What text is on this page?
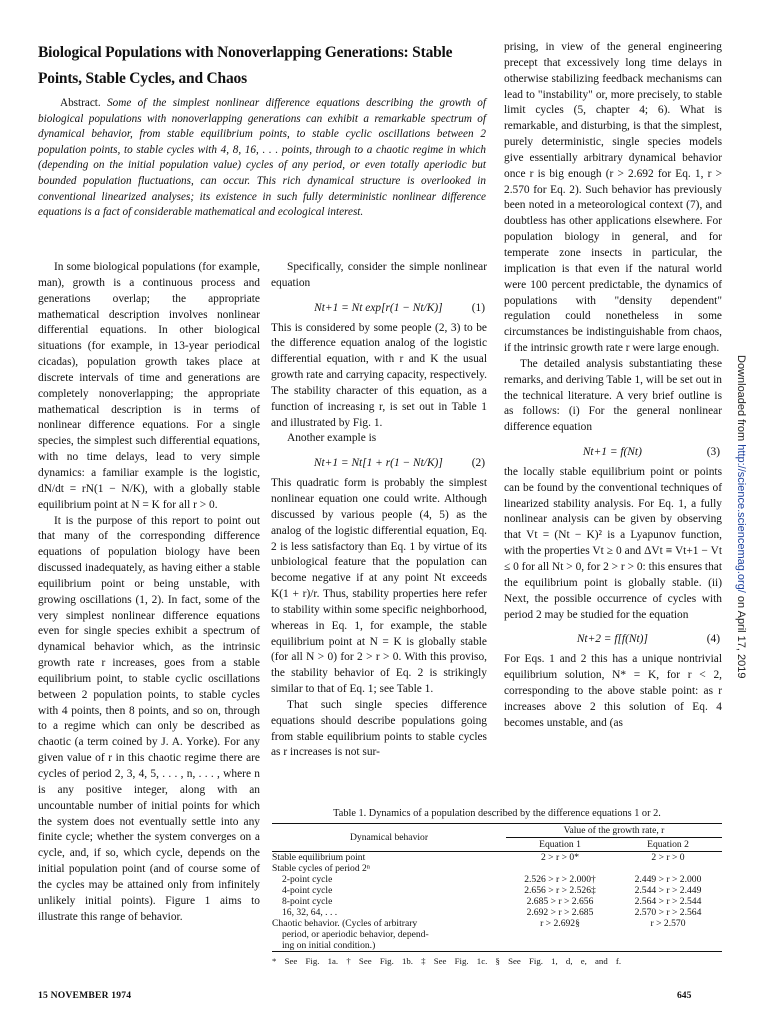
Biological Populations with Nonoverlapping Generations: Stable Points, Stable Cycles, and Chaos
Abstract. Some of the simplest nonlinear difference equations describing the growth of biological populations with nonoverlapping generations can exhibit a remarkable spectrum of dynamical behavior, from stable equilibrium points, to stable cyclic oscillations between 2 population points, to stable cycles with 4, 8, 16, . . . points, through to a chaotic regime in which (depending on the initial population value) cycles of any period, or even totally aperiodic but bounded population fluctuations, can occur. This rich dynamical structure is overlooked in conventional linearized analyses; its existence in such fully deterministic nonlinear difference equations is a fact of considerable mathematical and ecological interest.

In some biological populations (for example, man), growth is a continuous process and generations overlap; the appropriate mathematical description involves nonlinear differential equations. In other biological situations (for example, in 13-year periodical cicadas), population growth takes place at discrete intervals of time and generations are completely nonoverlapping; the appropriate mathematical description is in terms of nonlinear difference equations. For a single species, the simplest such differential equations, with no time delays, lead to very simple dynamics: a familiar example is the logistic, dN/dt = rN(1 − N/K), with a globally stable equilibrium point at N = K for all r > 0.

It is the purpose of this report to point out that many of the corresponding difference equations of population biology have been discussed inadequately, as having either a stable equilibrium point or being unstable, with growing oscillations (1, 2). In fact, some of the very simplest nonlinear difference equations even for single species exhibit a spectrum of dynamical behavior which, as the intrinsic growth rate r increases, goes from a stable equilibrium point, to stable cyclic oscillations between 2 population points, to stable cycles with 4 points, then 8 points, and so on, through to a regime which can only be described as chaotic (a term coined by J. A. Yorke). For any given value of r in this chaotic regime there are cycles of period 2, 3, 4, 5, . . . , n, . . . , where n is any positive integer, along with an uncountable number of initial points for which the system does not eventually settle into any finite cycle; whether the system converges on a cycle, and, if so, which cycle, depends on the initial population point (and of course some of the cycles may be attained only from infinitely unlikely initial points). Figure 1 aims to illustrate this range of behavior.

Specifically, consider the simple nonlinear equation

Nt+1 = Nt exp[r(1 − Nt/K)]	(1)

This is considered by some people (2, 3) to be the difference equation analog of the logistic differential equation, with r and K the usual growth rate and carrying capacity, respectively. The stability character of this equation, as a function of increasing r, is set out in Table 1 and illustrated by Fig. 1.

Another example is

Nt+1 = Nt[1 + r(1 − Nt/K)]	(2)

This quadratic form is probably the simplest nonlinear equation one could write. Although discussed by various people (4, 5) as the analog of the logistic differential equation, Eq. 2 is less satisfactory than Eq. 1 by virtue of its unbiological feature that the population can become negative if at any point Nt exceeds K(1 + r)/r. Thus, stability properties here refer to stability within some specific neighborhood, whereas in Eq. 1, for example, the stable equilibrium point at N = K is globally stable (for all N > 0) for 2 > r > 0. With this proviso, the stability behavior of Eq. 2 is strikingly similar to that of Eq. 1; see Table 1.

That such single species difference equations should describe populations going from stable equilibrium points to stable cycles as r increases is not sur-

prising, in view of the general engineering precept that excessively long time delays in otherwise stabilizing feedback mechanisms can lead to "instability" or, more precisely, to stable limit cycles (5, chapter 4; 6). What is remarkable, and disturbing, is that the simplest, purely deterministic, single species models give essentially arbitrary dynamical behavior once r is big enough (r > 2.692 for Eq. 1, r > 2.570 for Eq. 2). Such behavior has previously been noted in a meteorological context (7), and doubtless has other applications elsewhere. For population biology in general, and for temperate zone insects in particular, the implication is that even if the natural world were 100 percent predictable, the dynamics of populations with "density dependent" regulation could nonetheless in some circumstances be indistinguishable from chaos, if the intrinsic growth rate r were large enough.

The detailed analysis substantiating these remarks, and deriving Table 1, will be set out in the technical literature. A very brief outline is as follows: (i) For the general nonlinear difference equation

Nt+1 = f(Nt)	(3)

the locally stable equilibrium point or points can be found by the conventional techniques of linearized stability analysis. For Eq. 1, a fully nonlinear analysis can be given by observing that Vt = (Nt − K)² is a Lyapunov function, with the properties Vt ≥ 0 and ΔVt ≡ Vt+1 − Vt ≤ 0 for all Nt > 0, for 2 > r > 0: this ensures that the equilibrium point is globally stable. (ii) Next, the possible occurrence of cycles with period 2 may be studied for the equation

Nt+2 = f[f(Nt)]	(4)

For Eqs. 1 and 2 this has a unique nontrivial equilibrium solution, N* = K, for r < 2, corresponding to the above stable point: as r increases above 2 this solution of Eq. 4 becomes unstable, and (as

Downloaded from http://science.sciencemag.org/ on April 17, 2019
Table 1. Dynamics of a population described by the difference equations 1 or 2.
Dynamical behavior	Value of the growth rate, r	
	Equation 1	Equation 2
Stable equilibrium point	2 > r > 0*	2 > r > 0
Stable cycles of period 2ⁿ		
2-point cycle	2.526 > r > 2.000†	2.449 > r > 2.000
4-point cycle	2.656 > r > 2.526‡	2.544 > r > 2.449
8-point cycle	2.685 > r > 2.656	2.564 > r > 2.544
16, 32, 64, . . .	2.692 > r > 2.685	2.570 > r > 2.564
Chaotic behavior. (Cycles of arbitrary	r > 2.692§	r > 2.570
period, or aperiodic behavior, depend-		
ing on initial condition.)		
* See Fig. 1a. † See Fig. 1b. ‡ See Fig. 1c. § See Fig. 1, d, e, and f.
15 NOVEMBER 1974	645
